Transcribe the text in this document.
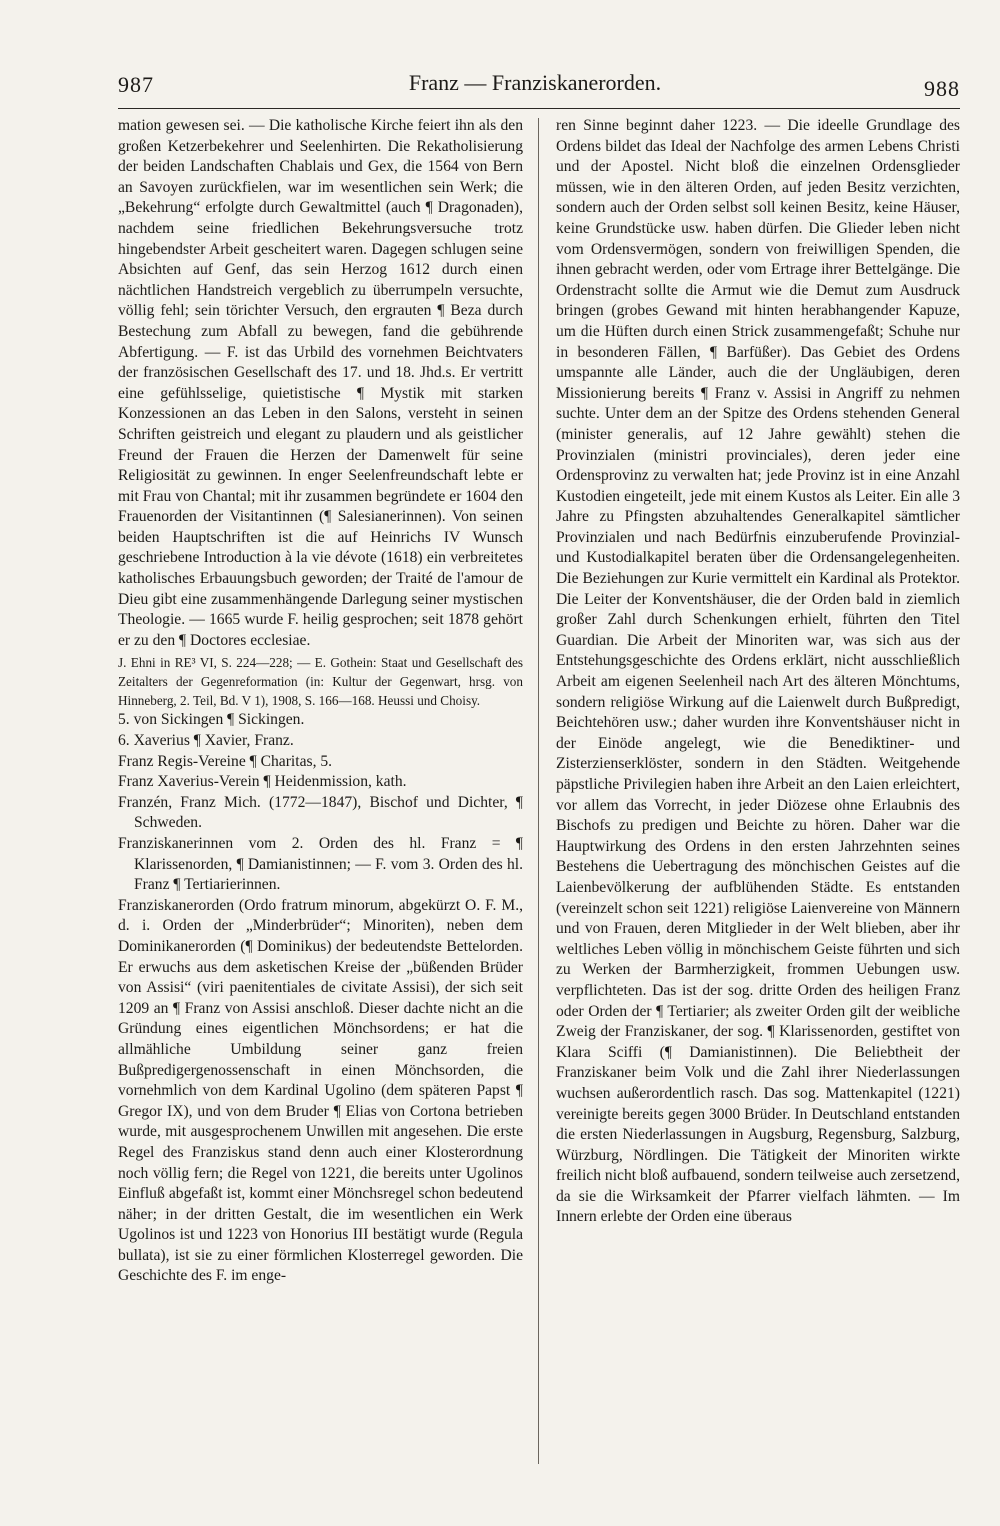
987	Franz — Franziskanerorden.	988

mation gewesen sei. — Die katholische Kirche feiert ihn als den großen Ketzerbekehrer und Seelenhirten. Die Rekatholisierung der beiden Landschaften Chablais und Gex, die 1564 von Bern an Savoyen zurückfielen, war im wesentlichen sein Werk; die „Bekehrung“ erfolgte durch Gewaltmittel (auch ¶ Dragonaden), nachdem seine friedlichen Bekehrungsversuche trotz hingebendster Arbeit gescheitert waren. Dagegen schlugen seine Absichten auf Genf, das sein Herzog 1612 durch einen nächtlichen Handstreich vergeblich zu überrumpeln versuchte, völlig fehl; sein törichter Versuch, den ergrauten ¶ Beza durch Bestechung zum Abfall zu bewegen, fand die gebührende Abfertigung. — F. ist das Urbild des vornehmen Beichtvaters der französischen Gesellschaft des 17. und 18. Jhd.s. Er vertritt eine gefühlsselige, quietistische ¶ Mystik mit starken Konzessionen an das Leben in den Salons, versteht in seinen Schriften geistreich und elegant zu plaudern und als geistlicher Freund der Frauen die Herzen der Damenwelt für seine Religiosität zu gewinnen. In enger Seelenfreundschaft lebte er mit Frau von Chantal; mit ihr zusammen begründete er 1604 den Frauenorden der Visitantinnen (¶ Salesianerinnen). Von seinen beiden Hauptschriften ist die auf Heinrichs IV Wunsch geschriebene Introduction à la vie dévote (1618) ein verbreitetes katholisches Erbauungsbuch geworden; der Traité de l'amour de Dieu gibt eine zusammenhängende Darlegung seiner mystischen Theologie. — 1665 wurde F. heilig gesprochen; seit 1878 gehört er zu den ¶ Doctores ecclesiae.

J. Ehni in RE³ VI, S. 224—228; — E. Gothein: Staat und Gesellschaft des Zeitalters der Gegenreformation (in: Kultur der Gegenwart, hrsg. von Hinneberg, 2. Teil, Bd. V 1), 1908, S. 166—168. Heussi und Choisy.

5. von Sickingen ¶ Sickingen.

6. Xaverius ¶ Xavier, Franz.

Franz Regis-Vereine ¶ Charitas, 5.

Franz Xaverius-Verein ¶ Heidenmission, kath.

Franzén, Franz Mich. (1772—1847), Bischof und Dichter, ¶ Schweden.

Franziskanerinnen vom 2. Orden des hl. Franz = ¶ Klarissenorden, ¶ Damianistinnen; — F. vom 3. Orden des hl. Franz ¶ Tertiarierinnen.

Franziskanerorden (Ordo fratrum minorum, abgekürzt O. F. M., d. i. Orden der „Minderbrüder“; Minoriten), neben dem Dominikanerorden (¶ Dominikus) der bedeutendste Bettelorden. Er erwuchs aus dem asketischen Kreise der „büßenden Brüder von Assisi“ (viri paenitentiales de civitate Assisi), der sich seit 1209 an ¶ Franz von Assisi anschloß. Dieser dachte nicht an die Gründung eines eigentlichen Mönchsordens; er hat die allmähliche Umbildung seiner ganz freien Bußpredigergenossenschaft in einen Mönchsorden, die vornehmlich von dem Kardinal Ugolino (dem späteren Papst ¶ Gregor IX), und von dem Bruder ¶ Elias von Cortona betrieben wurde, mit ausgesprochenem Unwillen mit angesehen. Die erste Regel des Franziskus stand denn auch einer Klosterordnung noch völlig fern; die Regel von 1221, die bereits unter Ugolinos Einfluß abgefaßt ist, kommt einer Mönchsregel schon bedeutend näher; in der dritten Gestalt, die im wesentlichen ein Werk Ugolinos ist und 1223 von Honorius III bestätigt wurde (Regula bullata), ist sie zu einer förmlichen Klosterregel geworden. Die Geschichte des F. im enge-

ren Sinne beginnt daher 1223. — Die ideelle Grundlage des Ordens bildet das Ideal der Nachfolge des armen Lebens Christi und der Apostel. Nicht bloß die einzelnen Ordensglieder müssen, wie in den älteren Orden, auf jeden Besitz verzichten, sondern auch der Orden selbst soll keinen Besitz, keine Häuser, keine Grundstücke usw. haben dürfen. Die Glieder leben nicht vom Ordensvermögen, sondern von freiwilligen Spenden, die ihnen gebracht werden, oder vom Ertrage ihrer Bettelgänge. Die Ordenstracht sollte die Armut wie die Demut zum Ausdruck bringen (grobes Gewand mit hinten herabhangender Kapuze, um die Hüften durch einen Strick zusammengefaßt; Schuhe nur in besonderen Fällen, ¶ Barfüßer). Das Gebiet des Ordens umspannte alle Länder, auch die der Ungläubigen, deren Missionierung bereits ¶ Franz v. Assisi in Angriff zu nehmen suchte. Unter dem an der Spitze des Ordens stehenden General (minister generalis, auf 12 Jahre gewählt) stehen die Provinzialen (ministri provinciales), deren jeder eine Ordensprovinz zu verwalten hat; jede Provinz ist in eine Anzahl Kustodien eingeteilt, jede mit einem Kustos als Leiter. Ein alle 3 Jahre zu Pfingsten abzuhaltendes Generalkapitel sämtlicher Provinzialen und nach Bedürfnis einzuberufende Provinzial- und Kustodialkapitel beraten über die Ordensangelegenheiten. Die Beziehungen zur Kurie vermittelt ein Kardinal als Protektor. Die Leiter der Konventshäuser, die der Orden bald in ziemlich großer Zahl durch Schenkungen erhielt, führten den Titel Guardian. Die Arbeit der Minoriten war, was sich aus der Entstehungsgeschichte des Ordens erklärt, nicht ausschließlich Arbeit am eigenen Seelenheil nach Art des älteren Mönchtums, sondern religiöse Wirkung auf die Laienwelt durch Bußpredigt, Beichtehören usw.; daher wurden ihre Konventshäuser nicht in der Einöde angelegt, wie die Benediktiner- und Zisterzienserklöster, sondern in den Städten. Weitgehende päpstliche Privilegien haben ihre Arbeit an den Laien erleichtert, vor allem das Vorrecht, in jeder Diözese ohne Erlaubnis des Bischofs zu predigen und Beichte zu hören. Daher war die Hauptwirkung des Ordens in den ersten Jahrzehnten seines Bestehens die Uebertragung des mönchischen Geistes auf die Laienbevölkerung der aufblühenden Städte. Es entstanden (vereinzelt schon seit 1221) religiöse Laienvereine von Männern und von Frauen, deren Mitglieder in der Welt blieben, aber ihr weltliches Leben völlig in mönchischem Geiste führten und sich zu Werken der Barmherzigkeit, frommen Uebungen usw. verpflichteten. Das ist der sog. dritte Orden des heiligen Franz oder Orden der ¶ Tertiarier; als zweiter Orden gilt der weibliche Zweig der Franziskaner, der sog. ¶ Klarissenorden, gestiftet von Klara Sciffi (¶ Damianistinnen). Die Beliebtheit der Franziskaner beim Volk und die Zahl ihrer Niederlassungen wuchsen außerordentlich rasch. Das sog. Mattenkapitel (1221) vereinigte bereits gegen 3000 Brüder. In Deutschland entstanden die ersten Niederlassungen in Augsburg, Regensburg, Salzburg, Würzburg, Nördlingen. Die Tätigkeit der Minoriten wirkte freilich nicht bloß aufbauend, sondern teilweise auch zersetzend, da sie die Wirksamkeit der Pfarrer vielfach lähmten. — Im Innern erlebte der Orden eine überaus
